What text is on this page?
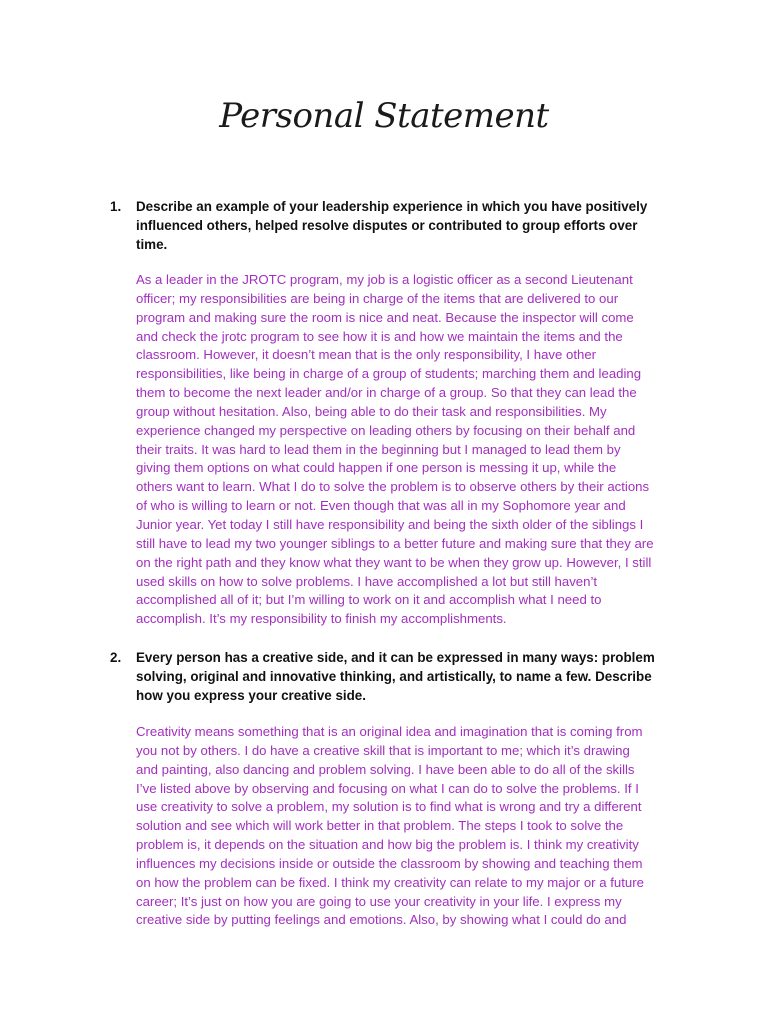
Personal Statement
1.	Describe an example of your leadership experience in which you have positively
influenced others, helped resolve disputes or contributed to group efforts over
time.
As a leader in the JROTC program, my job is a logistic officer as a second Lieutenant
officer; my responsibilities are being in charge of the items that are delivered to our
program and making sure the room is nice and neat. Because the inspector will come
and check the jrotc program to see how it is and how we maintain the items and the
classroom. However, it doesn’t mean that is the only responsibility, I have other
responsibilities, like being in charge of a group of students; marching them and leading
them to become the next leader and/or in charge of a group. So that they can lead the
group without hesitation. Also, being able to do their task and responsibilities. My
experience changed my perspective on leading others by focusing on their behalf and
their traits. It was hard to lead them in the beginning but I managed to lead them by
giving them options on what could happen if one person is messing it up, while the
others want to learn. What I do to solve the problem is to observe others by their actions
of who is willing to learn or not. Even though that was all in my Sophomore year and
Junior year. Yet today I still have responsibility and being the sixth older of the siblings I
still have to lead my two younger siblings to a better future and making sure that they are
on the right path and they know what they want to be when they grow up. However, I still
used skills on how to solve problems. I have accomplished a lot but still haven’t
accomplished all of it; but I’m willing to work on it and accomplish what I need to
accomplish. It’s my responsibility to finish my accomplishments.
2.	Every person has a creative side, and it can be expressed in many ways: problem
solving, original and innovative thinking, and artistically, to name a few. Describe
how you express your creative side.
Creativity means something that is an original idea and imagination that is coming from
you not by others. I do have a creative skill that is important to me; which it’s drawing
and painting, also dancing and problem solving. I have been able to do all of the skills
I’ve listed above by observing and focusing on what I can do to solve the problems. If I
use creativity to solve a problem, my solution is to find what is wrong and try a different
solution and see which will work better in that problem. The steps I took to solve the
problem is, it depends on the situation and how big the problem is. I think my creativity
influences my decisions inside or outside the classroom by showing and teaching them
on how the problem can be fixed. I think my creativity can relate to my major or a future
career; It’s just on how you are going to use your creativity in your life. I express my
creative side by putting feelings and emotions. Also, by showing what I could do and
